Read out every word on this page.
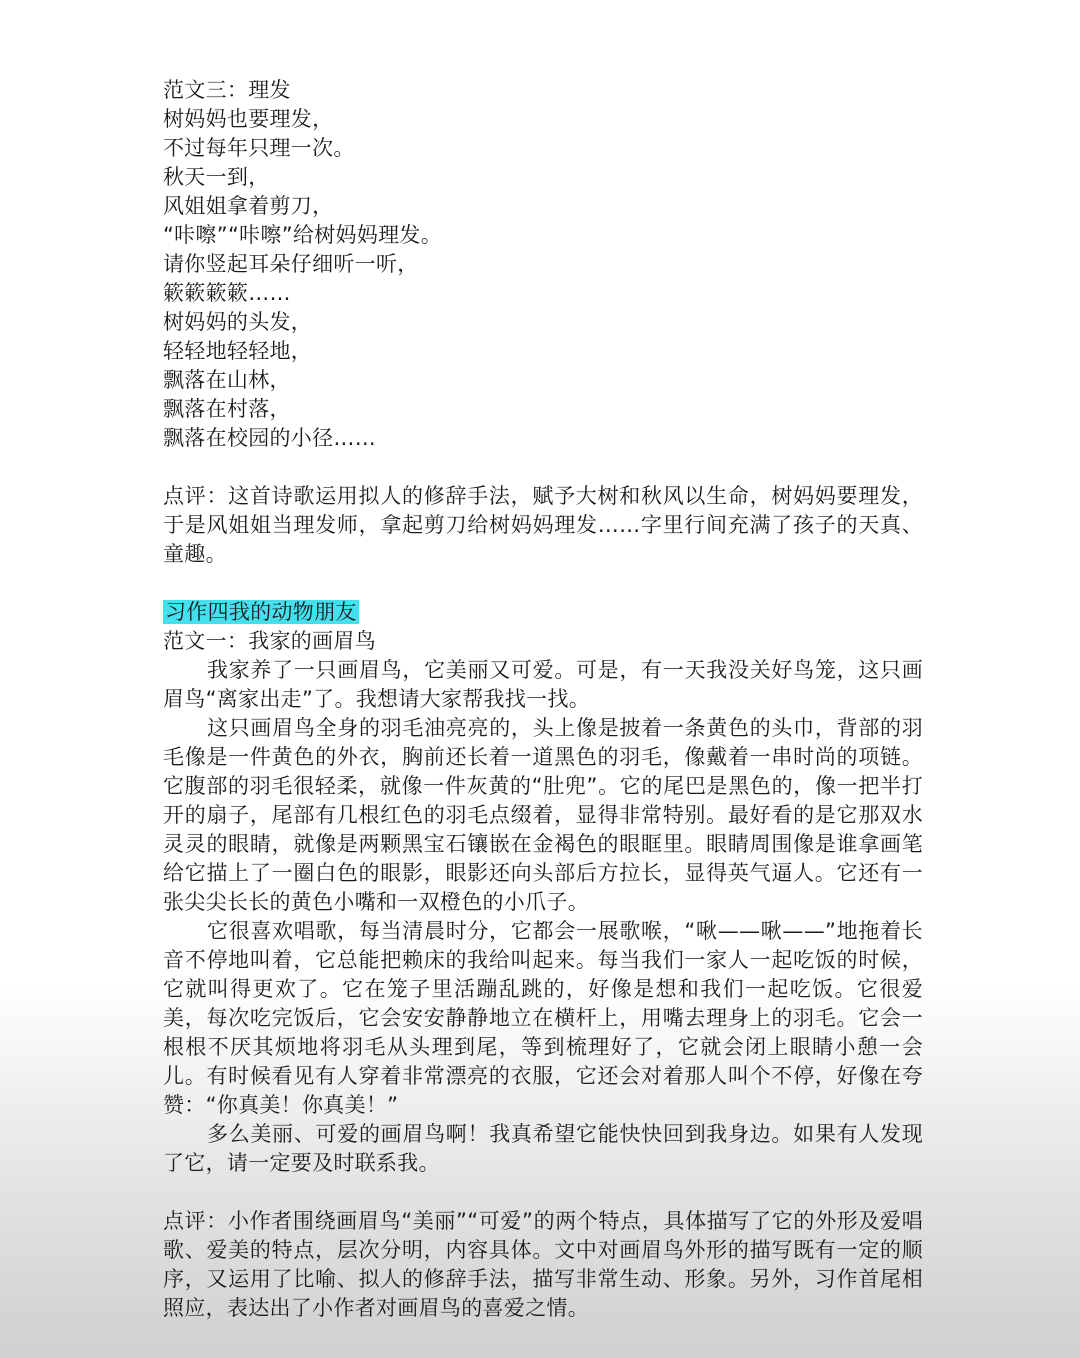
范文三：理发
树妈妈也要理发，
不过每年只理一次。
秋天一到，
风姐姐拿着剪刀，
“咔嚓”“咔嚓”给树妈妈理发。
请你竖起耳朵仔细听一听，
簌簌簌簌……
树妈妈的头发，
轻轻地轻轻地，
飘落在山林，
飘落在村落，
飘落在校园的小径……

点评：这首诗歌运用拟人的修辞手法，赋予大树和秋风以生命，树妈妈要理发，于是风姐姐当理发师，拿起剪刀给树妈妈理发……字里行间充满了孩子的天真、童趣。

习作四我的动物朋友
范文一：我家的画眉鸟

我家养了一只画眉鸟，它美丽又可爱。可是，有一天我没关好鸟笼，这只画眉鸟“离家出走”了。我想请大家帮我找一找。

这只画眉鸟全身的羽毛油亮亮的，头上像是披着一条黄色的头巾，背部的羽毛像是一件黄色的外衣，胸前还长着一道黑色的羽毛，像戴着一串时尚的项链。它腹部的羽毛很轻柔，就像一件灰黄的“肚兜”。它的尾巴是黑色的，像一把半打开的扇子，尾部有几根红色的羽毛点缀着，显得非常特别。最好看的是它那双水灵灵的眼睛，就像是两颗黑宝石镶嵌在金褐色的眼眶里。眼睛周围像是谁拿画笔给它描上了一圈白色的眼影，眼影还向头部后方拉长，显得英气逼人。它还有一张尖尖长长的黄色小嘴和一双橙色的小爪子。

它很喜欢唱歌，每当清晨时分，它都会一展歌喉，“啾——啾——”地拖着长音不停地叫着，它总能把赖床的我给叫起来。每当我们一家人一起吃饭的时候，它就叫得更欢了。它在笼子里活蹦乱跳的，好像是想和我们一起吃饭。它很爱美，每次吃完饭后，它会安安静静地立在横杆上，用嘴去理身上的羽毛。它会一根根不厌其烦地将羽毛从头理到尾，等到梳理好了，它就会闭上眼睛小憩一会儿。有时候看见有人穿着非常漂亮的衣服，它还会对着那人叫个不停，好像在夸赞：“你真美！你真美！”

多么美丽、可爱的画眉鸟啊！我真希望它能快快回到我身边。如果有人发现了它，请一定要及时联系我。

点评：小作者围绕画眉鸟“美丽”“可爱”的两个特点，具体描写了它的外形及爱唱歌、爱美的特点，层次分明，内容具体。文中对画眉鸟外形的描写既有一定的顺序，又运用了比喻、拟人的修辞手法，描写非常生动、形象。另外，习作首尾相照应，表达出了小作者对画眉鸟的喜爱之情。
